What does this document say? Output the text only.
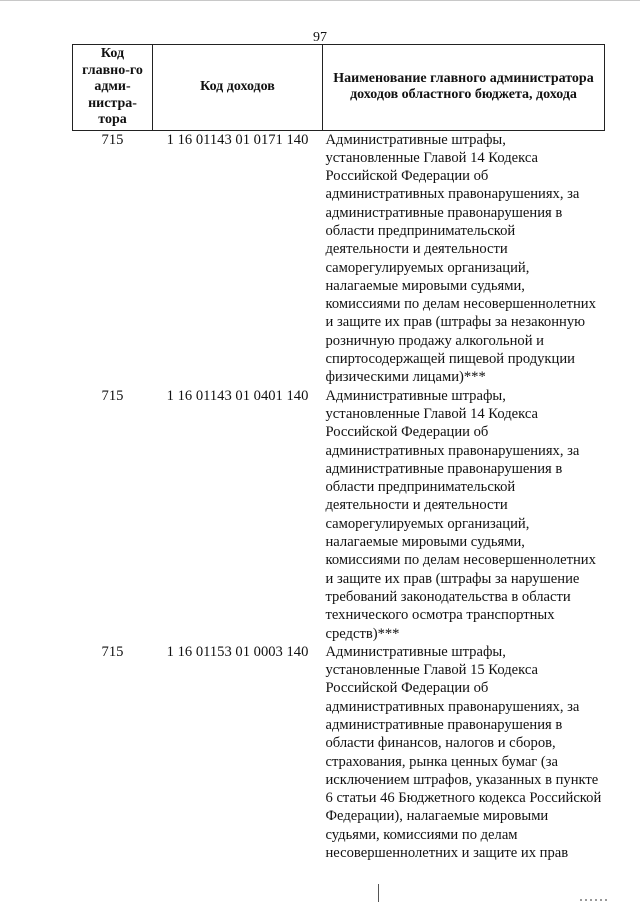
97
Код главно-го адми-нистра-тора	Код доходов	Наименование главного администратора доходов областного бюджета, дохода
715	1 16 01143 01 0171 140	Административные штрафы, установленные Главой 14 Кодекса Российской Федерации об административных правонарушениях, за административные правонарушения в области предпринимательской деятельности и деятельности саморегулируемых организаций, налагаемые мировыми судьями, комиссиями по делам несовершеннолетних и защите их прав (штрафы за незаконную розничную продажу алкогольной и спиртосодержащей пищевой продукции физическими лицами)***
715	1 16 01143 01 0401 140	Административные штрафы, установленные Главой 14 Кодекса Российской Федерации об административных правонарушениях, за административные правонарушения в области предпринимательской деятельности и деятельности саморегулируемых организаций, налагаемые мировыми судьями, комиссиями по делам несовершеннолетних и защите их прав (штрафы за нарушение требований законодательства в области технического осмотра транспортных средств)***
715	1 16 01153 01 0003 140	Административные штрафы, установленные Главой 15 Кодекса Российской Федерации об административных правонарушениях, за административные правонарушения в области финансов, налогов и сборов, страхования, рынка ценных бумаг (за исключением штрафов, указанных в пункте 6 статьи 46 Бюджетного кодекса Российской Федерации), налагаемые мировыми судьями, комиссиями по делам несовершеннолетних и защите их прав
